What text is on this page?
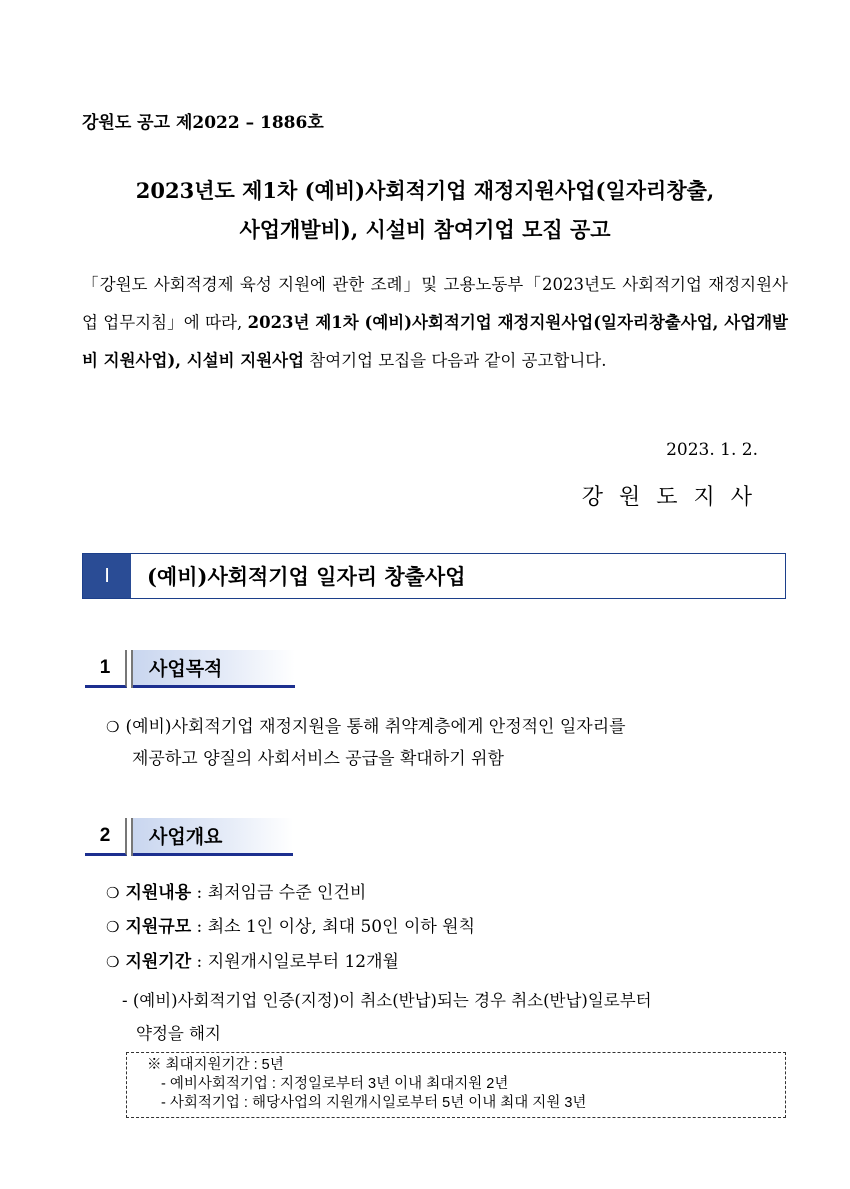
강원도 공고 제2022 – 1886호
2023년도 제1차 (예비)사회적기업 재정지원사업(일자리창출,
사업개발비), 시설비 참여기업 모집 공고
「강원도 사회적경제 육성 지원에 관한 조례」및 고용노동부「2023년도 사회적기업 재정지원사업 업무지침」에 따라, 2023년 제1차 (예비)사회적기업 재정지원사업(일자리창출사업, 사업개발비 지원사업), 시설비 지원사업 참여기업 모집을 다음과 같이 공고합니다.
2023. 1. 2.
강원도지사
Ⅰ	(예비)사회적기업 일자리 창출사업
1	사업목적
❍ (예비)사회적기업 재정지원을 통해 취약계층에게 안정적인 일자리를
제공하고 양질의 사회서비스 공급을 확대하기 위함
2	사업개요
❍ 지원내용 : 최저임금 수준 인건비
❍ 지원규모 : 최소 1인 이상, 최대 50인 이하 원칙
❍ 지원기간 : 지원개시일로부터 12개월
- (예비)사회적기업 인증(지정)이 취소(반납)되는 경우 취소(반납)일로부터
약정을 해지
※ 최대지원기간 : 5년
- 예비사회적기업 : 지정일로부터 3년 이내 최대지원 2년
- 사회적기업 : 해당사업의 지원개시일로부터 5년 이내 최대 지원 3년
